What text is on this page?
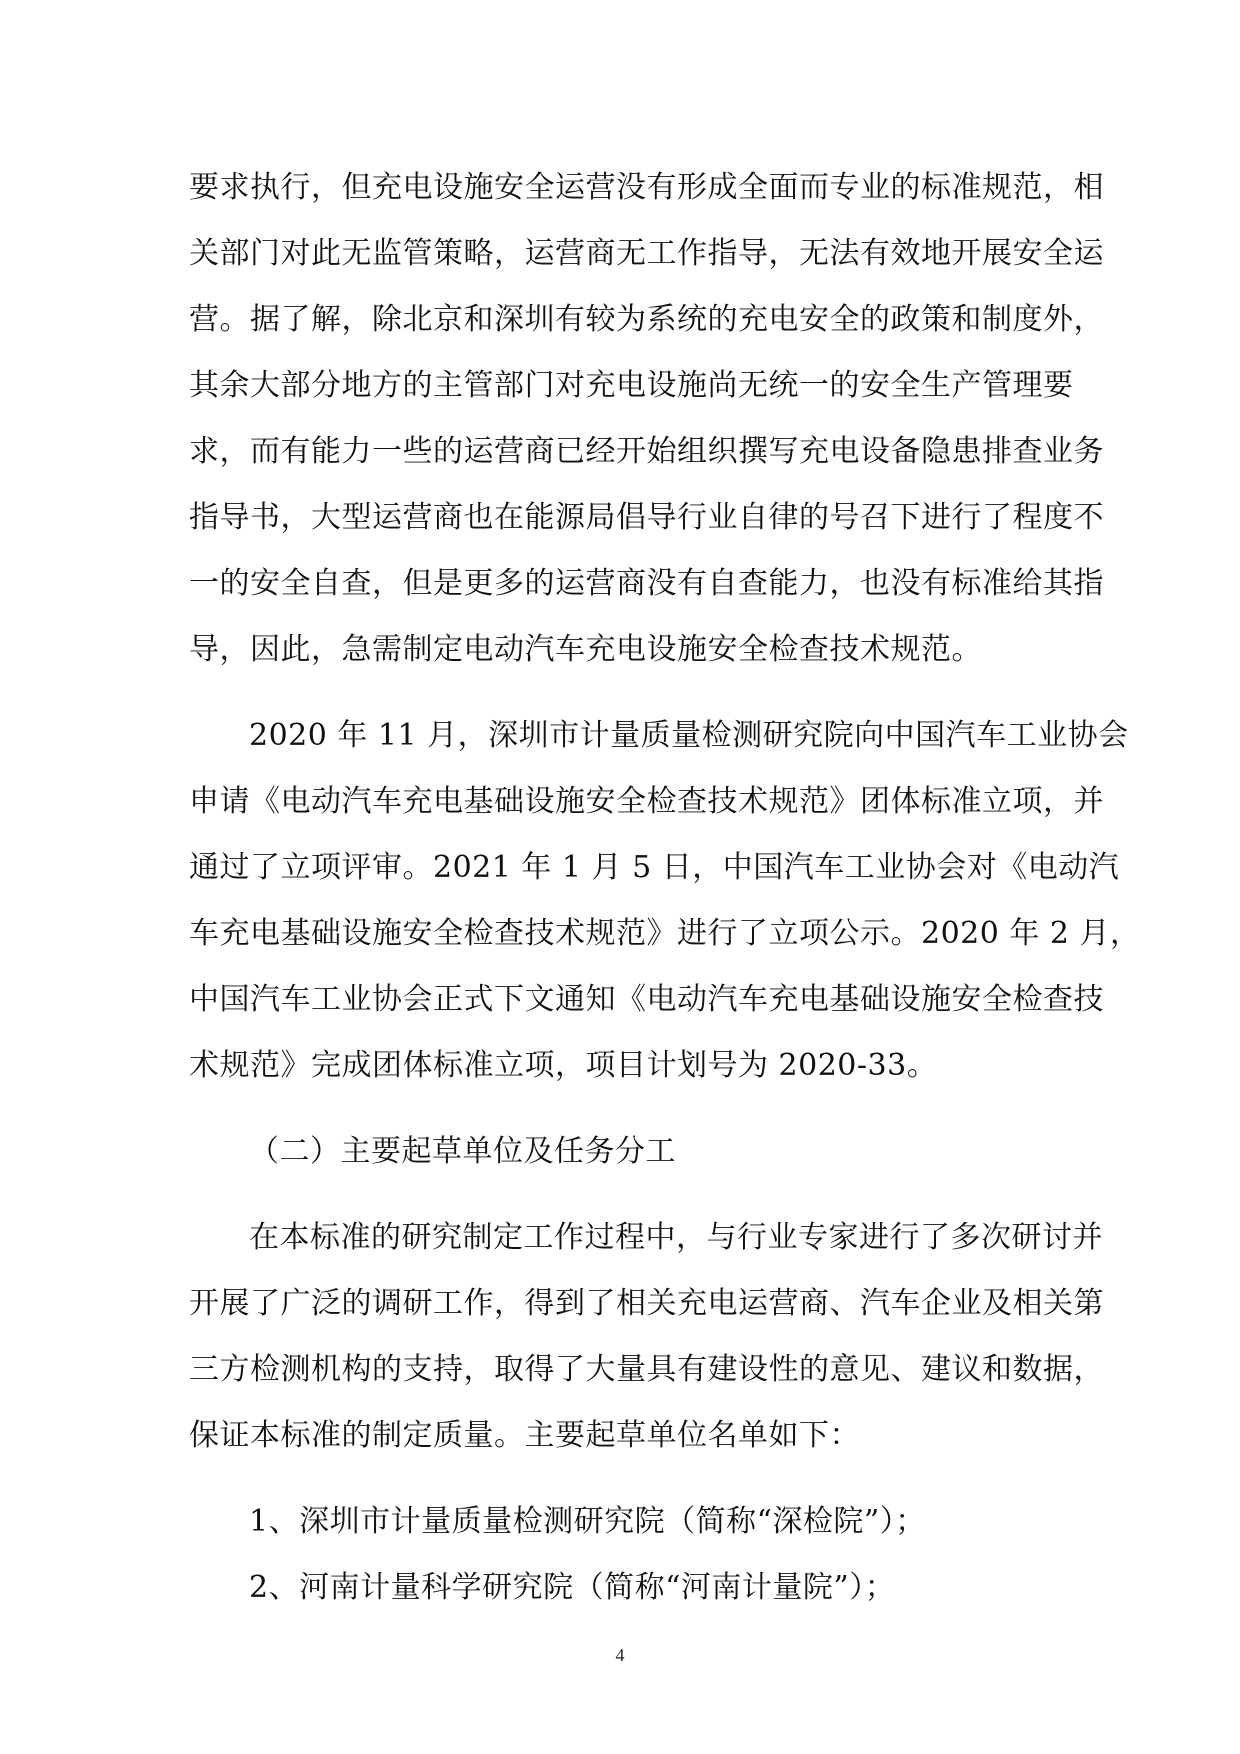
要求执行，但充电设施安全运营没有形成全面而专业的标准规范，相
关部门对此无监管策略，运营商无工作指导，无法有效地开展安全运
营。据了解，除北京和深圳有较为系统的充电安全的政策和制度外，
其余大部分地方的主管部门对充电设施尚无统一的安全生产管理要
求，而有能力一些的运营商已经开始组织撰写充电设备隐患排查业务
指导书，大型运营商也在能源局倡导行业自律的号召下进行了程度不
一的安全自查，但是更多的运营商没有自查能力，也没有标准给其指
导，因此，急需制定电动汽车充电设施安全检查技术规范。
2020 年 11 月，深圳市计量质量检测研究院向中国汽车工业协会
申请《电动汽车充电基础设施安全检查技术规范》团体标准立项，并
通过了立项评审。2021 年 1 月 5 日，中国汽车工业协会对《电动汽
车充电基础设施安全检查技术规范》进行了立项公示。2020 年 2 月，
中国汽车工业协会正式下文通知《电动汽车充电基础设施安全检查技
术规范》完成团体标准立项，项目计划号为 2020-33。
（二）主要起草单位及任务分工
在本标准的研究制定工作过程中，与行业专家进行了多次研讨并
开展了广泛的调研工作，得到了相关充电运营商、汽车企业及相关第
三方检测机构的支持，取得了大量具有建设性的意见、建议和数据，
保证本标准的制定质量。主要起草单位名单如下：
1、深圳市计量质量检测研究院（简称“深检院”）；
2、河南计量科学研究院（简称“河南计量院”）；
4
